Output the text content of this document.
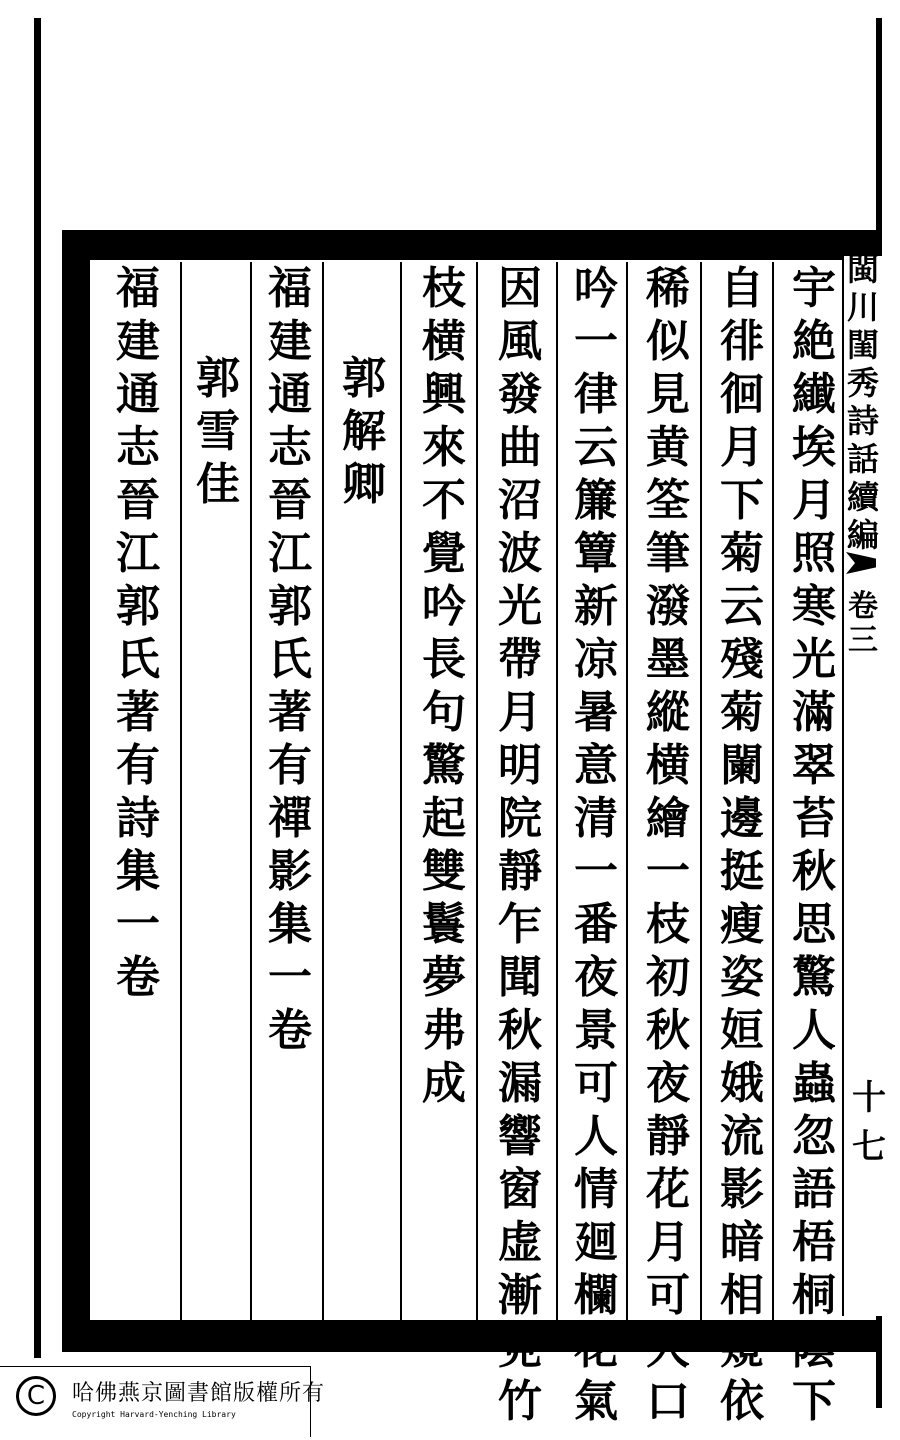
閩
川
閨
秀
詩
話
續
編
卷
三
十七
宇
絶
纎
埃
月
照
寒
光
滿
翠
苔
秋
思
驚
人
蟲
忽
語
梧
桐
陰
下
自
徘
徊
月
下
菊
云
殘
菊
闌
邊
挺
瘦
姿
姮
娥
流
影
暗
相
窺
依
稀
似
見
黄
筌
筆
潑
墨
縱
横
繪
一
枝
初
秋
夜
靜
花
月
可
人
口
吟
一
律
云
簾
簟
新
凉
暑
意
清
一
番
夜
景
可
人
情
廻
欄
花
氣
因
風
發
曲
沼
波
光
帶
月
明
院
靜
乍
聞
秋
漏
響
窗
虚
漸
見
竹
枝
横
興
來
不
覺
吟
長
句
驚
起
雙
鬟
夢
弗
成
郭
解
卿
福
建
通
志
晉
江
郭
氏
著
有
禪
影
集
一
卷
郭
雪
佳
福
建
通
志
晉
江
郭
氏
著
有
詩
集
一
卷
C	哈佛燕京圖書館版權所有
Copyright Harvard-Yenching Library
